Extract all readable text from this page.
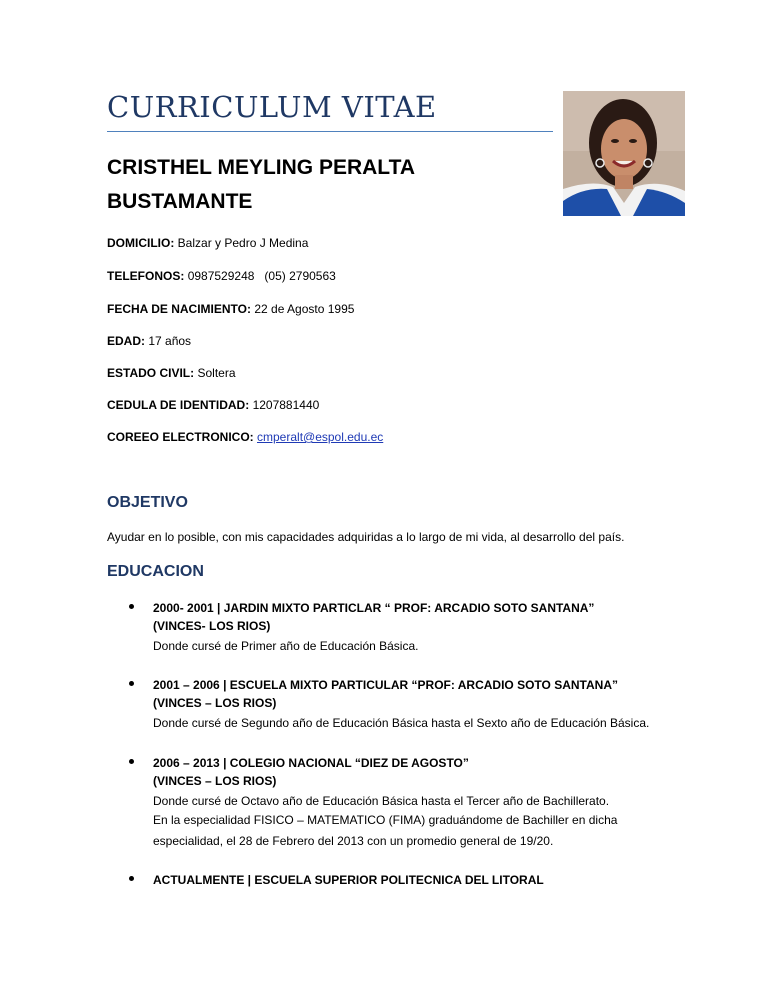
CURRICULUM VITAE
CRISTHEL MEYLING PERALTA
BUSTAMANTE
DOMICILIO: Balzar y Pedro J Medina
TELEFONOS: 0987529248   (05) 2790563
FECHA DE NACIMIENTO: 22 de Agosto 1995
EDAD: 17 años
ESTADO CIVIL: Soltera
CEDULA DE IDENTIDAD: 1207881440
COREEO ELECTRONICO: cmperalt@espol.edu.ec
OBJETIVO
Ayudar en lo posible, con mis capacidades adquiridas a lo largo de mi vida, al desarrollo del país.
EDUCACION
2000- 2001 | JARDIN MIXTO PARTICLAR “ PROF: ARCADIO SOTO SANTANA”
(VINCES- LOS RIOS)
Donde cursé de Primer año de Educación Básica.
2001 – 2006 | ESCUELA MIXTO PARTICULAR “PROF: ARCADIO SOTO SANTANA”
(VINCES – LOS RIOS)
Donde cursé de Segundo año de Educación Básica hasta el Sexto año de Educación Básica.
2006 – 2013 | COLEGIO NACIONAL “DIEZ DE AGOSTO”
(VINCES – LOS RIOS)
Donde cursé de Octavo año de Educación Básica hasta el Tercer año de Bachillerato.
En la especialidad FISICO – MATEMATICO (FIMA) graduándome de Bachiller en dicha
especialidad, el 28 de Febrero del 2013 con un promedio general de 19/20.
ACTUALMENTE | ESCUELA SUPERIOR POLITECNICA DEL LITORAL
